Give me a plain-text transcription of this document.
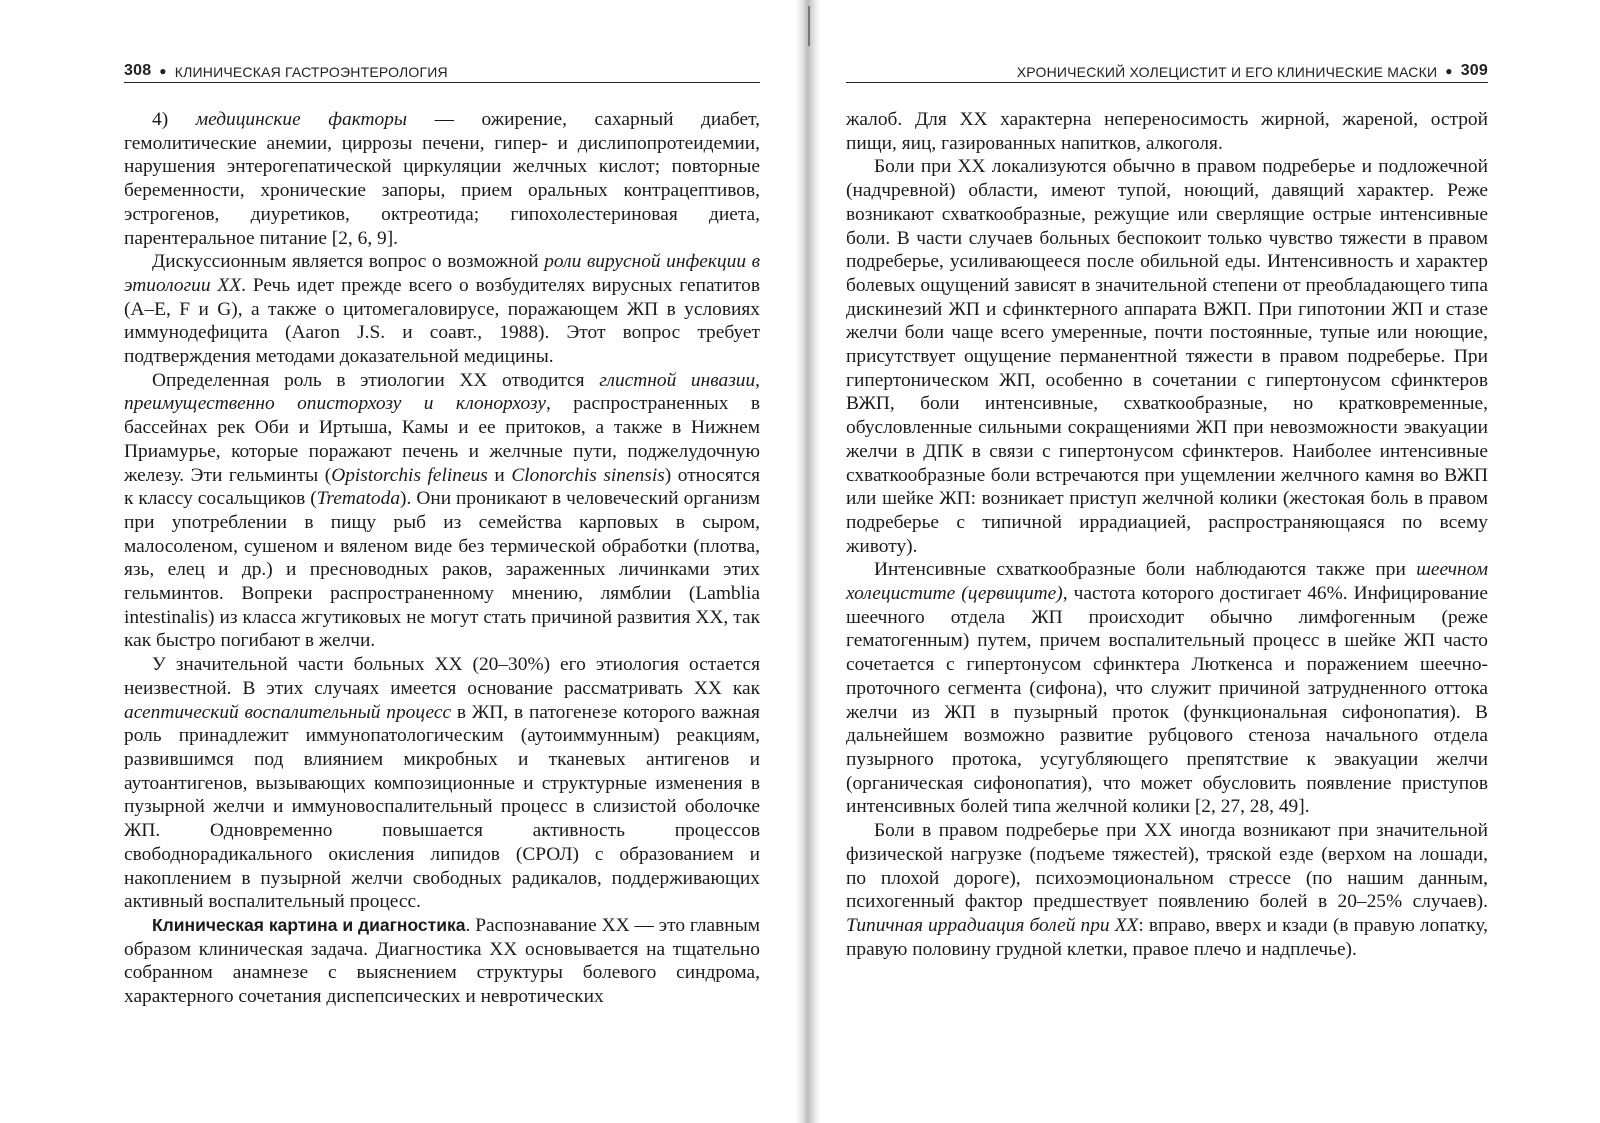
308 ● КЛИНИЧЕСКАЯ ГАСТРОЭНТЕРОЛОГИЯ

4) медицинские факторы — ожирение, сахарный диабет, гемолитические анемии, циррозы печени, гипер- и дислипопротеидемии, нарушения энтерогепатической циркуляции желчных кислот; повторные беременности, хронические запоры, прием оральных контрацептивов, эстрогенов, диуретиков, октреотида; гипохолестериновая диета, парентеральное питание [2, 6, 9].

Дискуссионным является вопрос о возможной роли вирусной инфекции в этиологии ХХ. Речь идет прежде всего о возбудителях вирусных гепатитов (A–E, F и G), а также о цитомегаловирусе, поражающем ЖП в условиях иммунодефицита (Aaron J.S. и соавт., 1988). Этот вопрос требует подтверждения методами доказательной медицины.

Определенная роль в этиологии ХХ отводится глистной инвазии, преимущественно описторхозу и клонорхозу, распространенных в бассейнах рек Оби и Иртыша, Камы и ее притоков, а также в Нижнем Приамурье, которые поражают печень и желчные пути, поджелудочную железу. Эти гельминты (Opistorchis felineus и Clonorchis sinensis) относятся к классу сосальщиков (Trematoda). Они проникают в человеческий организм при употреблении в пищу рыб из семейства карповых в сыром, малосоленом, сушеном и вяленом виде без термической обработки (плотва, язь, елец и др.) и пресноводных раков, зараженных личинками этих гельминтов. Вопреки распространенному мнению, лямблии (Lamblia intestinalis) из класса жгутиковых не могут стать причиной развития ХХ, так как быстро погибают в желчи.

У значительной части больных ХХ (20–30%) его этиология остается неизвестной. В этих случаях имеется основание рассматривать ХХ как асептический воспалительный процесс в ЖП, в патогенезе которого важная роль принадлежит иммунопатологическим (аутоиммунным) реакциям, развившимся под влиянием микробных и тканевых антигенов и аутоантигенов, вызывающих композиционные и структурные изменения в пузырной желчи и иммуновоспалительный процесс в слизистой оболочке ЖП. Одновременно повышается активность процессов свободнорадикального окисления липидов (СРОЛ) с образованием и накоплением в пузырной желчи свободных радикалов, поддерживающих активный воспалительный процесс.

Клиническая картина и диагностика. Распознавание ХХ — это главным образом клиническая задача. Диагностика ХХ основывается на тщательно собранном анамнезе с выяснением структуры болевого синдрома, характерного сочетания диспепсических и невротических

ХРОНИЧЕСКИЙ ХОЛЕЦИСТИТ И ЕГО КЛИНИЧЕСКИЕ МАСКИ ● 309

жалоб. Для ХХ характерна непереносимость жирной, жареной, острой пищи, яиц, газированных напитков, алкоголя.

Боли при ХХ локализуются обычно в правом подреберье и подложечной (надчревной) области, имеют тупой, ноющий, давящий характер. Реже возникают схваткообразные, режущие или сверлящие острые интенсивные боли. В части случаев больных беспокоит только чувство тяжести в правом подреберье, усиливающееся после обильной еды. Интенсивность и характер болевых ощущений зависят в значительной степени от преобладающего типа дискинезий ЖП и сфинктерного аппарата ВЖП. При гипотонии ЖП и стазе желчи боли чаще всего умеренные, почти постоянные, тупые или ноющие, присутствует ощущение перманентной тяжести в правом подреберье. При гипертоническом ЖП, особенно в сочетании с гипертонусом сфинктеров ВЖП, боли интенсивные, схваткообразные, но кратковременные, обусловленные сильными сокращениями ЖП при невозможности эвакуации желчи в ДПК в связи с гипертонусом сфинктеров. Наиболее интенсивные схваткообразные боли встречаются при ущемлении желчного камня во ВЖП или шейке ЖП: возникает приступ желчной колики (жестокая боль в правом подреберье с типичной иррадиацией, распространяющаяся по всему животу).

Интенсивные схваткообразные боли наблюдаются также при шеечном холецистите (цервиците), частота которого достигает 46%. Инфицирование шеечного отдела ЖП происходит обычно лимфогенным (реже гематогенным) путем, причем воспалительный процесс в шейке ЖП часто сочетается с гипертонусом сфинктера Люткенса и поражением шеечно-проточного сегмента (сифона), что служит причиной затрудненного оттока желчи из ЖП в пузырный проток (функциональная сифонопатия). В дальнейшем возможно развитие рубцового стеноза начального отдела пузырного протока, усугубляющего препятствие к эвакуации желчи (органическая сифонопатия), что может обусловить появление приступов интенсивных болей типа желчной колики [2, 27, 28, 49].

Боли в правом подреберье при ХХ иногда возникают при значительной физической нагрузке (подъеме тяжестей), тряской езде (верхом на лошади, по плохой дороге), психоэмоциональном стрессе (по нашим данным, психогенный фактор предшествует появлению болей в 20–25% случаев). Типичная иррадиация болей при ХХ: вправо, вверх и кзади (в правую лопатку, правую половину грудной клетки, правое плечо и надплечье).
